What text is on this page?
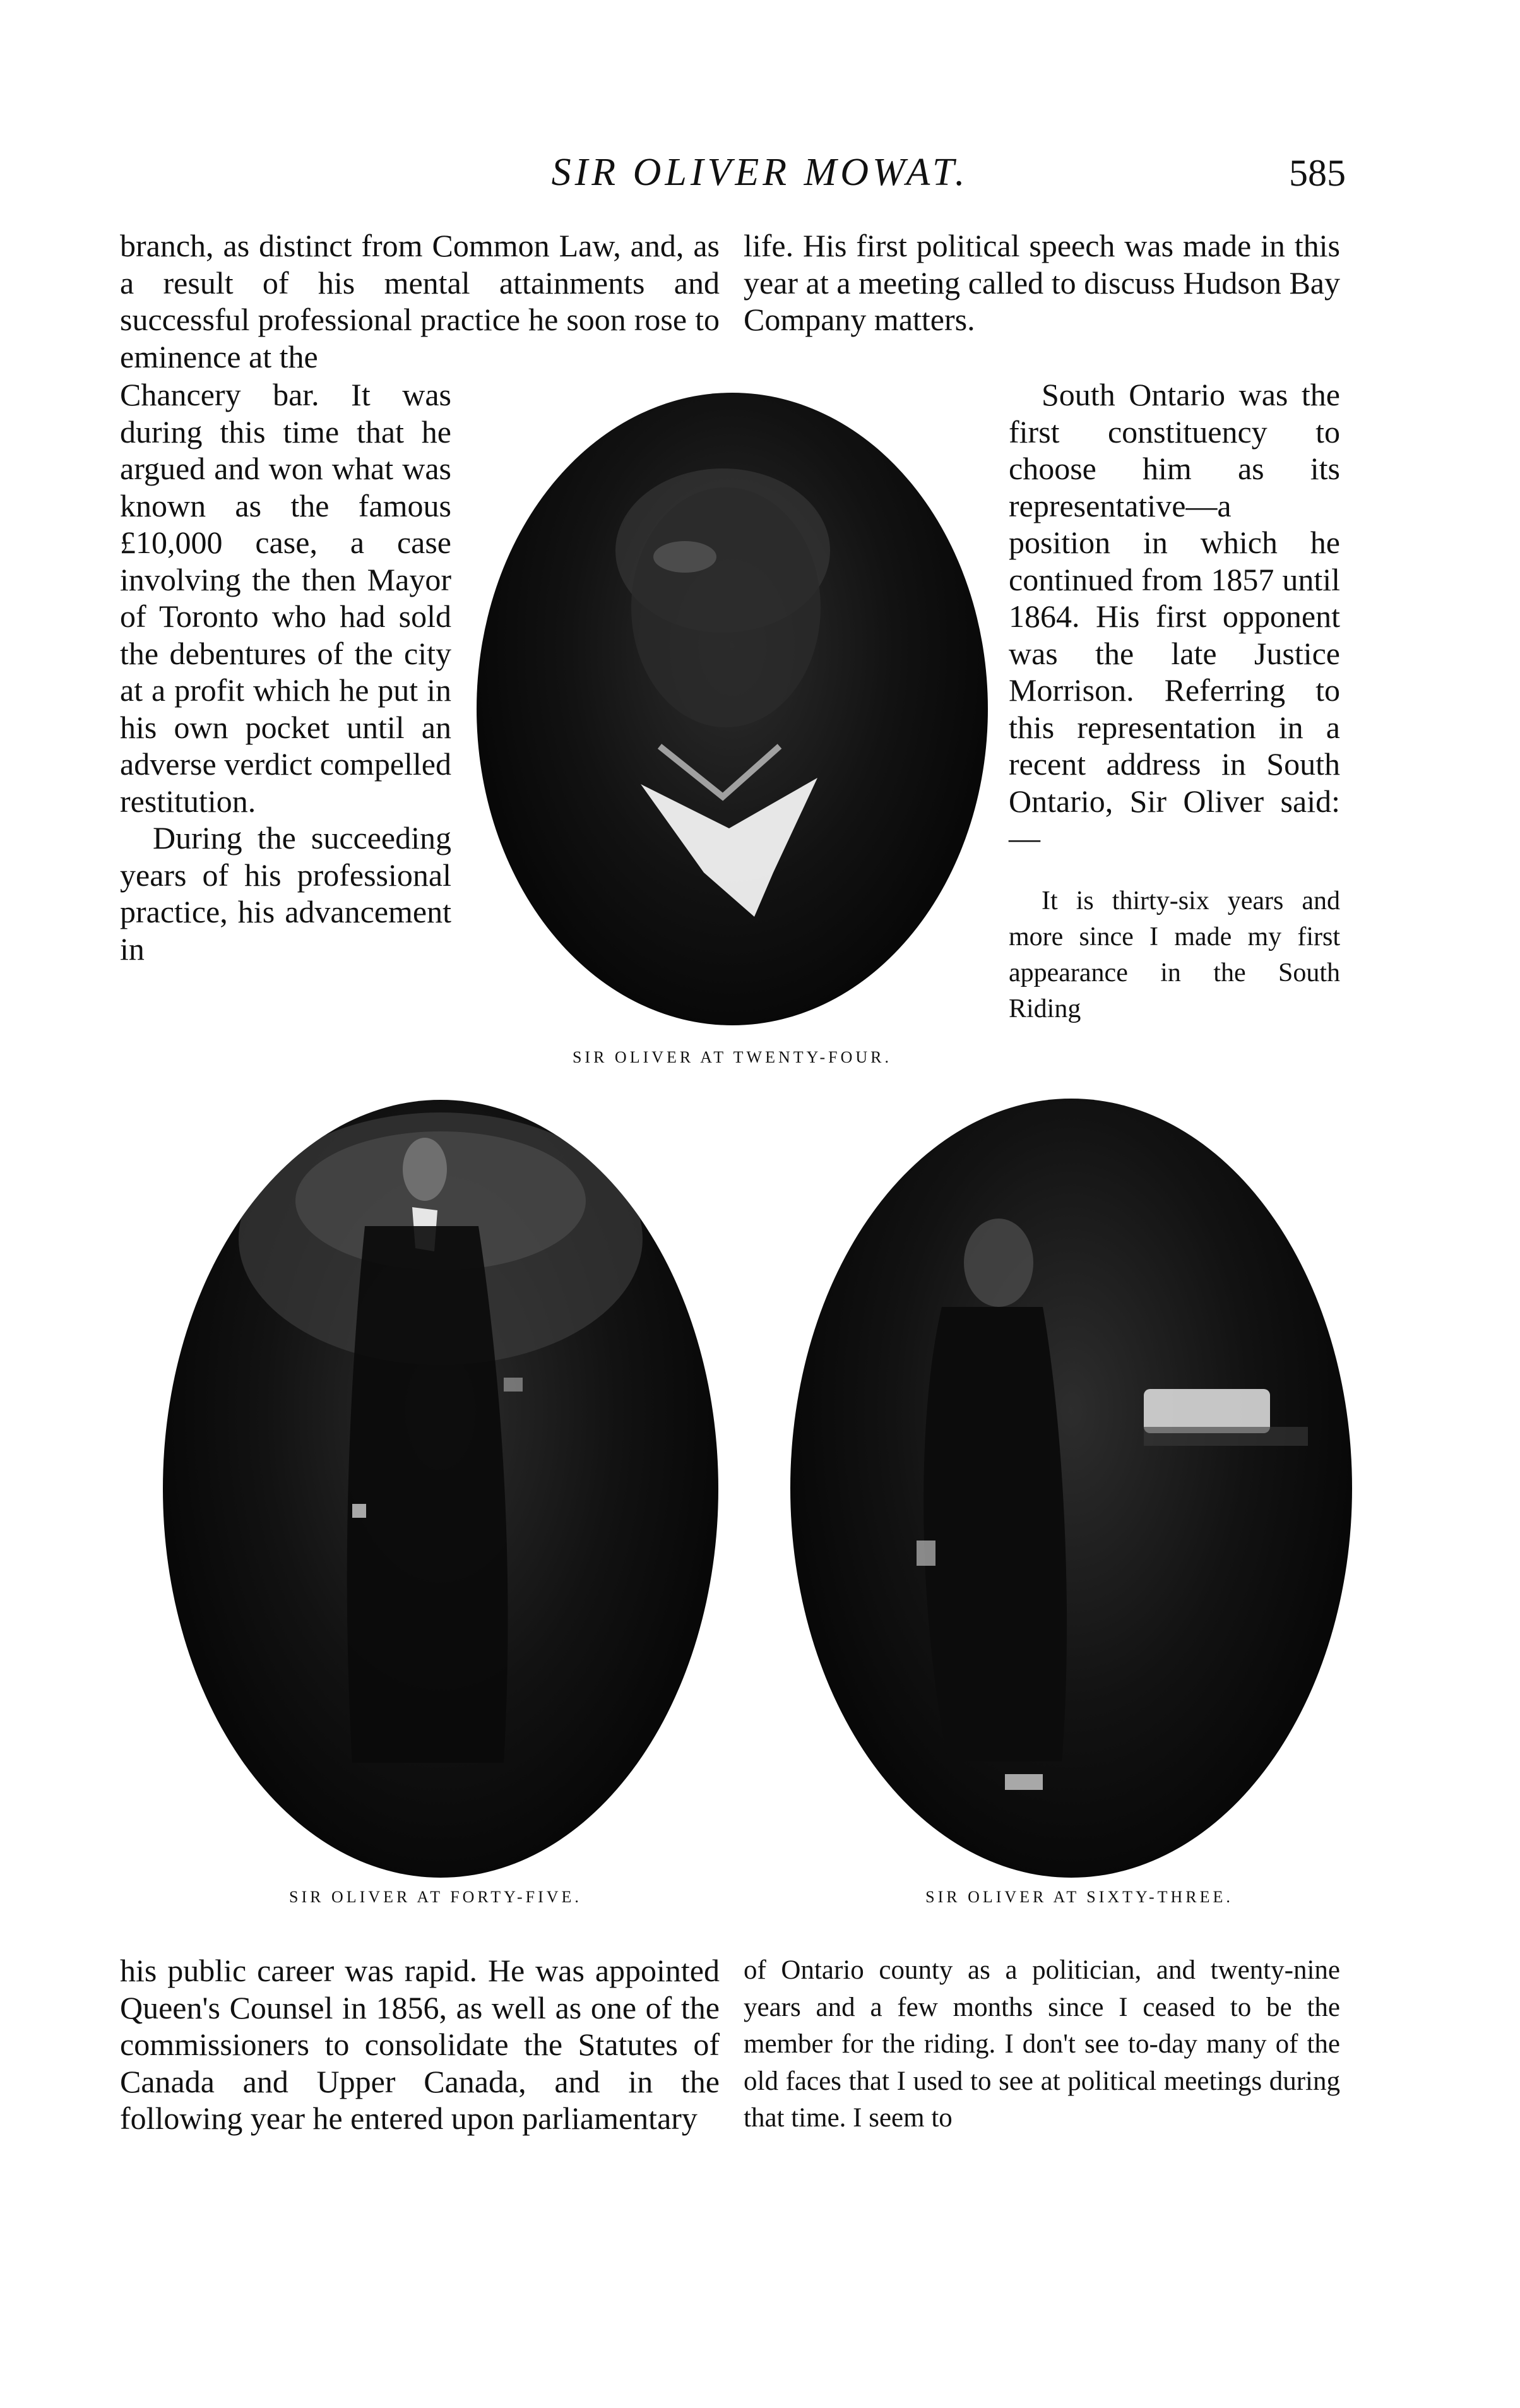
SIR OLIVER MOWAT.	585

branch, as distinct from Common Law, and, as a result of his mental attainments and successful professional practice he soon rose to eminence at the

life. His first political speech was made in this year at a meeting called to discuss Hudson Bay Company matters.

Chancery bar. It was during this time that he argued and won what was known as the famous £10,000 case, a case involving the then Mayor of Toronto who had sold the debentures of the city at a profit which he put in his own pocket until an adverse verdict compelled restitution.

During the succeeding years of his professional practice, his advancement in

South Ontario was the first constituency to choose him as its representative—a position in which he continued from 1857 until 1864. His first opponent was the late Justice Morrison. Referring to this representation in a recent address in South Ontario, Sir Oliver said:—

It is thirty-six years and more since I made my first appearance in the South Riding

SIR OLIVER AT TWENTY-FOUR.
SIR OLIVER AT FORTY-FIVE.	SIR OLIVER AT SIXTY-THREE.

his public career was rapid. He was appointed Queen's Counsel in 1856, as well as one of the commissioners to consolidate the Statutes of Canada and Upper Canada, and in the following year he entered upon parliamentary

of Ontario county as a politician, and twenty-nine years and a few months since I ceased to be the member for the riding. I don't see to-day many of the old faces that I used to see at political meetings during that time. I seem to
